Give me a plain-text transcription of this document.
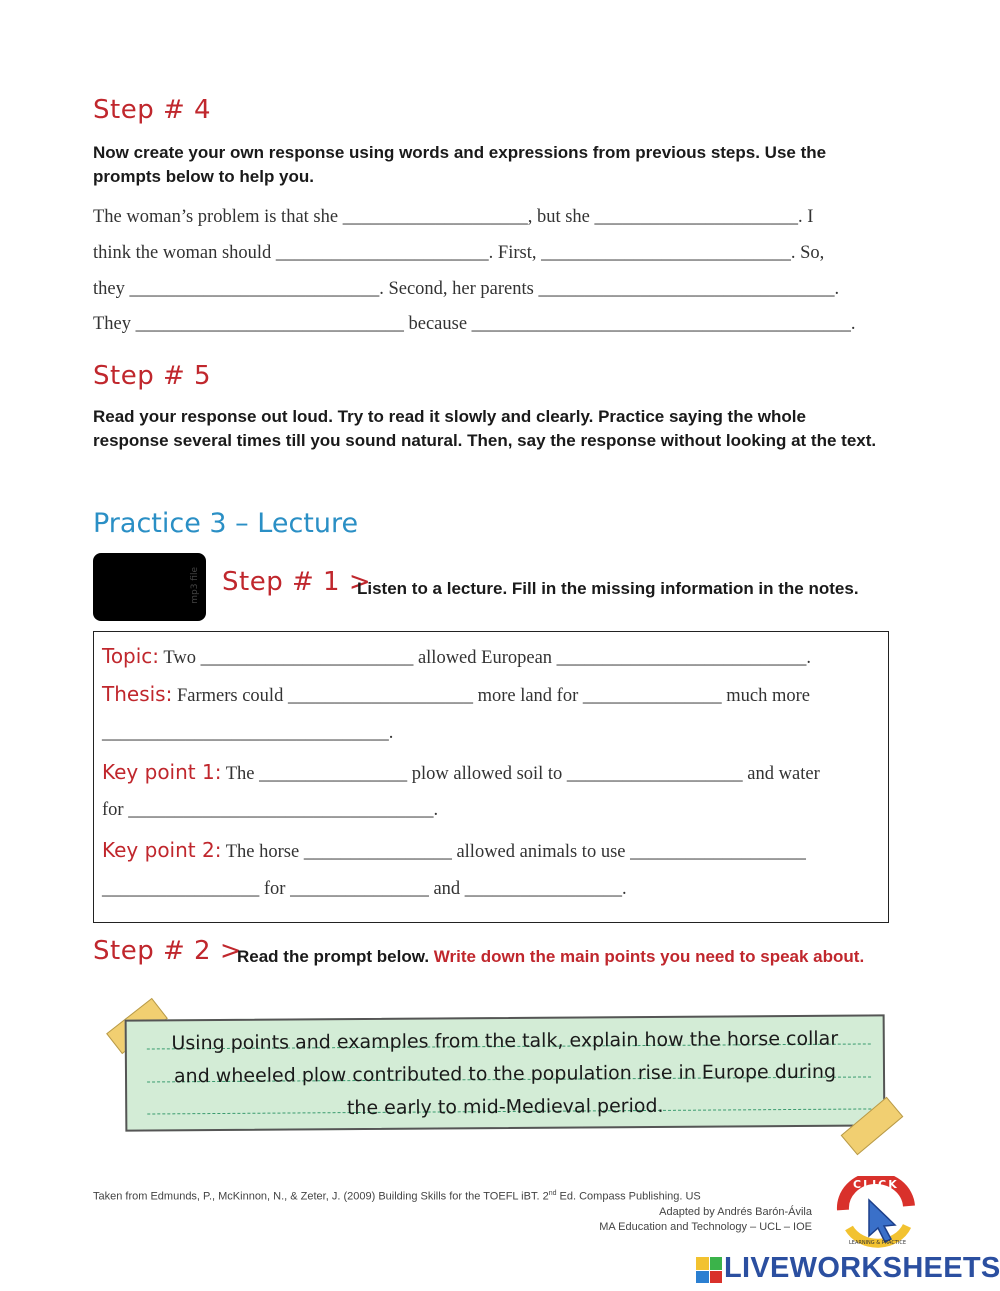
Step # 4
Now create your own response using words and expressions from previous steps. Use the prompts below to help you.
The woman’s problem is that she ____________________, but she ______________________. I
think the woman should _______________________. First, ___________________________. So,
they ___________________________. Second, her parents ________________________________.
They _____________________________ because _________________________________________.
Step # 5
Read your response out loud. Try to read it slowly and clearly. Practice saying the whole response several times till you sound natural. Then, say the response without looking at the text.
Practice 3 – Lecture
mp3 file Step # 1 >
Listen to a lecture. Fill in the missing information in the notes.
Topic: Two _______________________ allowed European ___________________________.
Thesis: Farmers could ____________________ more land for _______________ much more
_______________________________.
Key point 1: The ________________ plow allowed soil to ___________________ and water
for _________________________________.
Key point 2: The horse ________________ allowed animals to use ___________________
_________________ for _______________ and _________________.
Step # 2 >
Read the prompt below. Write down the main points you need to speak about.
Using points and examples from the talk, explain how the horse collar
and wheeled plow contributed to the population rise in Europe during
the early to mid-Medieval period.
Taken from Edmunds, P., McKinnon, N., & Zeter, J. (2009) Building Skills for the TOEFL iBT. 2nd Ed. Compass Publishing. US
Adapted by Andrés Barón-Ávila
MA Education and Technology – UCL – IOE
CLICK
LEARNING & PRACTICE
LIVEWORKSHEETS
